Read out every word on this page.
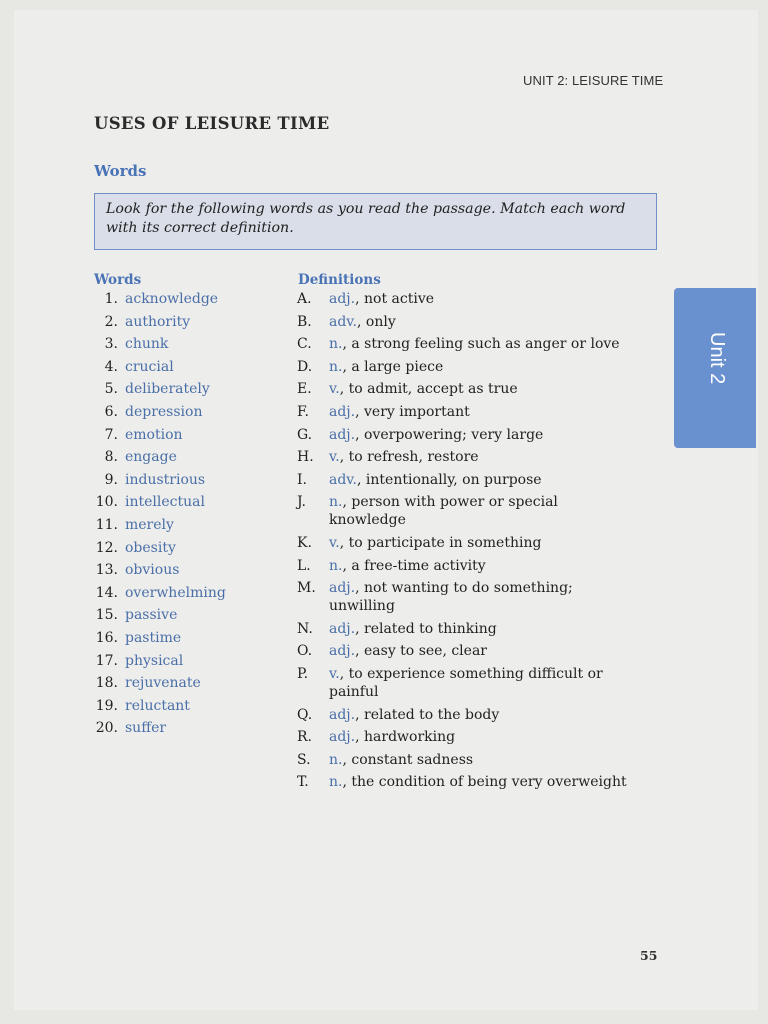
UNIT 2: LEISURE TIME
USES OF LEISURE TIME
Words
Look for the following words as you read the passage. Match each word with its correct definition.
Words	Definitions
1. acknowledge
2. authority
3. chunk
4. crucial
5. deliberately
6. depression
7. emotion
8. engage
9. industrious
10. intellectual
11. merely
12. obesity
13. obvious
14. overwhelming
15. passive
16. pastime
17. physical
18. rejuvenate
19. reluctant
20. suffer
A.	adj., not active
B.	adv., only
C.	n., a strong feeling such as anger or love
D.	n., a large piece
E.	v., to admit, accept as true
F.	adj., very important
G.	adj., overpowering; very large
H.	v., to refresh, restore
I.	adv., intentionally, on purpose
J.	n., person with power or special knowledge
K.	v., to participate in something
L.	n., a free-time activity
M. adj., not wanting to do something; unwilling
N.	adj., related to thinking
O.	adj., easy to see, clear
P.	v., to experience something difficult or painful
Q.	adj., related to the body
R.	adj., hardworking
S.	n., constant sadness
T.	n., the condition of being very overweight
Unit 2
55
